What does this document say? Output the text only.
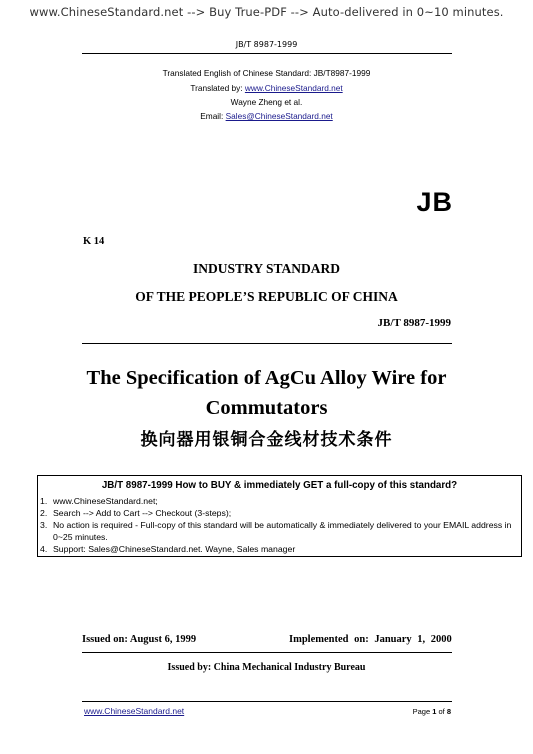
www.ChineseStandard.net --> Buy True-PDF --> Auto-delivered in 0~10 minutes.
JB/T 8987-1999
Translated English of Chinese Standard: JB/T8987-1999
Translated by: www.ChineseStandard.net
Wayne Zheng et al.
Email: Sales@ChineseStandard.net
JB
K 14
INDUSTRY STANDARD
OF THE PEOPLE’S REPUBLIC OF CHINA
JB/T 8987-1999
The Specification of AgCu Alloy Wire for
Commutators
换向器用银铜合金线材技术条件
JB/T 8987-1999 How to BUY & immediately GET a full-copy of this standard?
1. www.ChineseStandard.net;
2. Search --> Add to Cart --> Checkout (3-steps);
3. No action is required - Full-copy of this standard will be automatically & immediately delivered to your EMAIL address in 0~25 minutes.
4. Support: Sales@ChineseStandard.net. Wayne, Sales manager
Issued on: August 6, 1999	Implemented on: January 1, 2000
Issued by: China Mechanical Industry Bureau
www.ChineseStandard.net	Page 1 of 8
